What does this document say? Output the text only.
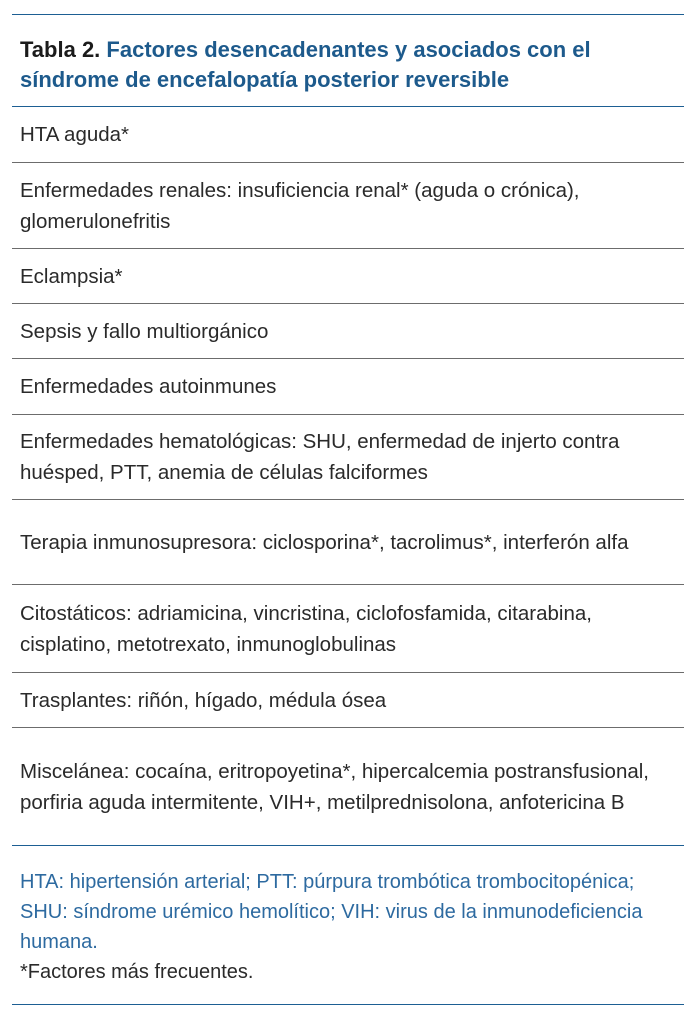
Tabla 2. Factores desencadenantes y asociados con el síndrome de encefalopatía posterior reversible
HTA aguda*
Enfermedades renales: insuficiencia renal* (aguda o crónica), glomerulonefritis
Eclampsia*
Sepsis y fallo multiorgánico
Enfermedades autoinmunes
Enfermedades hematológicas: SHU, enfermedad de injerto contra huésped, PTT, anemia de células falciformes
Terapia inmunosupresora: ciclosporina*, tacrolimus*, interferón alfa
Citostáticos: adriamicina, vincristina, ciclofosfamida, citarabina, cisplatino, metotrexato, inmunoglobulinas
Trasplantes: riñón, hígado, médula ósea
Miscelánea: cocaína, eritropoyetina*, hipercalcemia postransfusional, porfiria aguda intermitente, VIH+, metilprednisolona, anfotericina B
HTA: hipertensión arterial; PTT: púrpura trombótica trombocitopénica; SHU: síndrome urémico hemolítico; VIH: virus de la inmunodeficiencia humana.
*Factores más frecuentes.
